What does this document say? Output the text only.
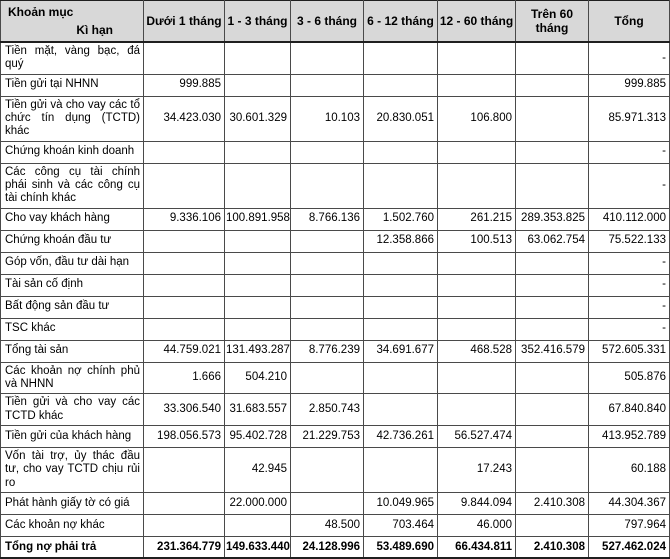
Khoản mục
Kì hạn	Dưới 1 tháng	1 - 3 tháng	3 - 6 tháng	6 - 12 tháng	12 - 60 tháng	Trên 60 tháng	Tổng
Tiền mặt, vàng bạc, đá quý							-
Tiền gửi tại NHNN	999.885						999.885
Tiền gửi và cho vay các tổ chức tín dụng (TCTD) khác	34.423.030	30.601.329	10.103	20.830.051	106.800		85.971.313
Chứng khoán kinh doanh							-
Các công cụ tài chính phái sinh và các công cụ tài chính khác							-
Cho vay khách hàng	9.336.106	100.891.958	8.766.136	1.502.760	261.215	289.353.825	410.112.000
Chứng khoán đầu tư				12.358.866	100.513	63.062.754	75.522.133
Góp vốn, đầu tư dài hạn							-
Tài sản cố định							-
Bất động sản đầu tư							-
TSC khác							-
Tổng tài sản	44.759.021	131.493.287	8.776.239	34.691.677	468.528	352.416.579	572.605.331
Các khoản nợ chính phủ và NHNN	1.666	504.210					505.876
Tiền gửi và cho vay các TCTD khác	33.306.540	31.683.557	2.850.743				67.840.840
Tiền gửi của khách hàng	198.056.573	95.402.728	21.229.753	42.736.261	56.527.474		413.952.789
Vốn tài trợ, ủy thác đầu tư, cho vay TCTD chịu rủi ro		42.945			17.243		60.188
Phát hành giấy tờ có giá		22.000.000		10.049.965	9.844.094	2.410.308	44.304.367
Các khoản nợ khác			48.500	703.464	46.000		797.964
Tổng nợ phải trả	231.364.779	149.633.440	24.128.996	53.489.690	66.434.811	2.410.308	527.462.024
